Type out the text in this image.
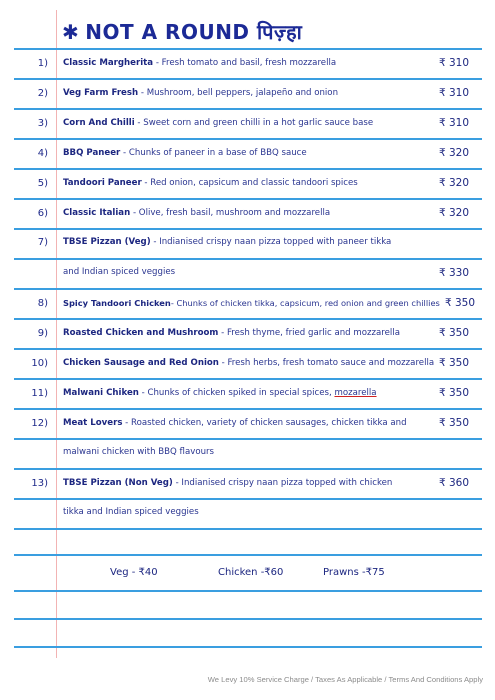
✱ NOT A ROUND पिज़्हा
1) Classic Margherita - Fresh tomato and basil, fresh mozzarella	₹ 310
2) Veg Farm Fresh - Mushroom, bell peppers, jalapeño and onion	₹ 310
3) Corn And Chilli - Sweet corn and green chilli in a hot garlic sauce base	₹ 310
4) BBQ Paneer - Chunks of paneer in a base of BBQ sauce	₹ 320
5) Tandoori Paneer - Red onion, capsicum and classic tandoori spices	₹ 320
6) Classic Italian - Olive, fresh basil, mushroom and mozzarella	₹ 320
7) TBSE Pizzan (Veg) - Indianised crispy naan pizza topped with paneer tikka
and Indian spiced veggies	₹ 330
8) Spicy Tandoori Chicken- Chunks of chicken tikka, capsicum, red onion and green chillies ₹ 350
9) Roasted Chicken and Mushroom - Fresh thyme, fried garlic and mozzarella	₹ 350
10) Chicken Sausage and Red Onion - Fresh herbs, fresh tomato sauce and mozzarella ₹ 350
11) Malwani Chiken - Chunks of chicken spiked in special spices, mozarella	₹ 350
12) Meat Lovers - Roasted chicken, variety of chicken sausages, chicken tikka and
malwani chicken with BBQ flavours
₹ 350
13) TBSE Pizzan (Non Veg) - Indianised crispy naan pizza topped with chicken
tikka and Indian spiced veggies
₹ 360
Veg - ₹40	Chicken -₹60	Prawns -₹75
We Levy 10% Service Charge / Taxes As Applicable / Terms And Conditions Apply
